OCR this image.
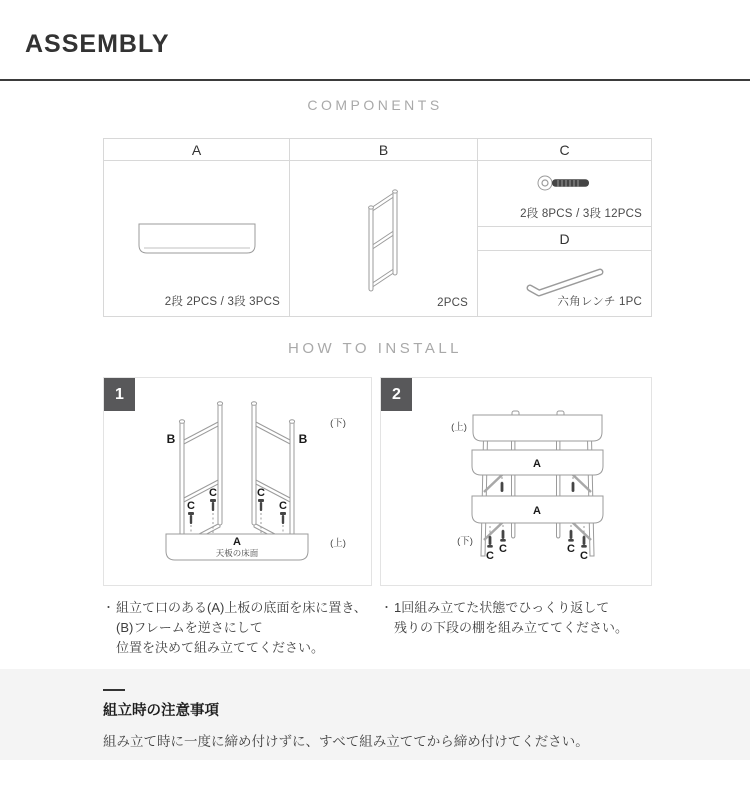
ASSEMBLY
COMPONENTS
A
2段 2PCS / 3段 3PCS
B
2PCS
C
2段 8PCS / 3段 12PCS
D
六角レンチ 1PC
HOW TO INSTALL
C
C
C
C
A
天板の床面
B	B
(下)
(上)
1
A
A
C
C	C
C
(上)
(下)
2
・ 組立て口のある(A)上板の底面を床に置き、
(B)フレームを逆さにして
位置を決めて組み立ててください。
・ 1回組み立てた状態でひっくり返して
残りの下段の棚を組み立ててください。
組立時の注意事項
組み立て時に一度に締め付けずに、すべて組み立ててから締め付けてください。
